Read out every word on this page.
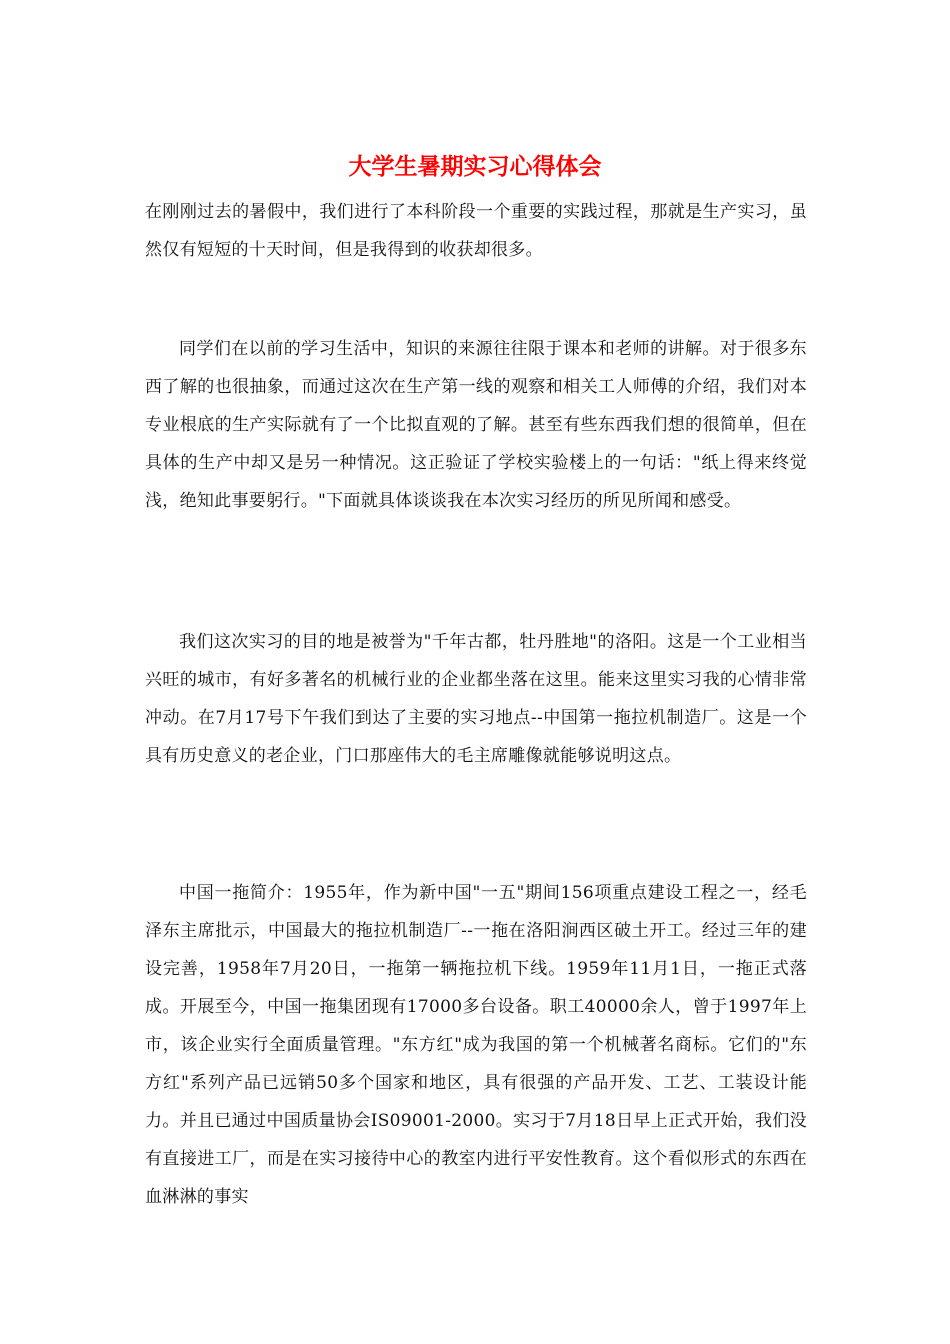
大学生暑期实习心得体会

在刚刚过去的暑假中，我们进行了本科阶段一个重要的实践过程，那就是生产实习，虽然仅有短短的十天时间，但是我得到的收获却很多。

同学们在以前的学习生活中，知识的来源往往限于课本和老师的讲解。对于很多东西了解的也很抽象，而通过这次在生产第一线的观察和相关工人师傅的介绍，我们对本专业根底的生产实际就有了一个比拟直观的了解。甚至有些东西我们想的很简单，但在具体的生产中却又是另一种情况。这正验证了学校实验楼上的一句话："纸上得来终觉浅，绝知此事要躬行。"下面就具体谈谈我在本次实习经历的所见所闻和感受。

我们这次实习的目的地是被誉为"千年古都，牡丹胜地"的洛阳。这是一个工业相当兴旺的城市，有好多著名的机械行业的企业都坐落在这里。能来这里实习我的心情非常冲动。在7月17号下午我们到达了主要的实习地点--中国第一拖拉机制造厂。这是一个具有历史意义的老企业，门口那座伟大的毛主席雕像就能够说明这点。

中国一拖简介：1955年，作为新中国"一五"期间156项重点建设工程之一，经毛泽东主席批示，中国最大的拖拉机制造厂--一拖在洛阳涧西区破土开工。经过三年的建设完善，1958年7月20日，一拖第一辆拖拉机下线。1959年11月1日，一拖正式落成。开展至今，中国一拖集团现有17000多台设备。职工40000余人，曾于1997年上市，该企业实行全面质量管理。"东方红"成为我国的第一个机械著名商标。它们的"东方红"系列产品已远销50多个国家和地区，具有很强的产品开发、工艺、工装设计能力。并且已通过中国质量协会IS09001-2000。实习于7月18日早上正式开始，我们没有直接进工厂，而是在实习接待中心的教室内进行平安性教育。这个看似形式的东西在血淋淋的事实
